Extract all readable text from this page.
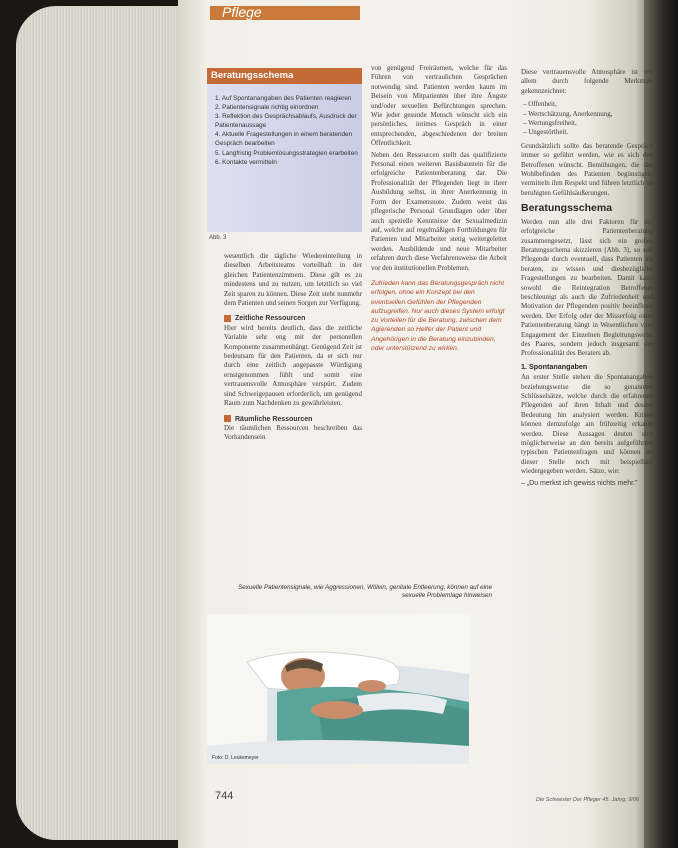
Pflege
Beratungsschema
1. Auf Spontanangaben des Patienten reagieren
2. Patientensignale richtig einordnen
3. Reflektion des Gesprächsablaufs, Ausdruck der Patientenaussage
4. Aktuelle Fragestellungen in einem beratenden Gespräch bearbeiten
5. Langfristig Problemlösungsstrategien erarbeiten
6. Kontakte vermitteln
Abb. 3

wesentlich die tägliche Wiedereinteilung in dieselben Arbeitsteams vorteilhaft in der gleichen Patientenzimmern. Diese gilt es zu mindestens und zu nutzen, um letztlich so viel Zeit sparen zu können. Diese Zeit steht nunmehr dem Patienten und seinen Sorgen zur Verfügung.

Zeitliche Ressourcen

Hier wird bereits deutlich, dass die zeitliche Variable sehr eng mit der personellen Komponente zusammenhängt. Genügend Zeit ist bedeutsam für den Patienten, da er sich nur durch eine zeitlich angepasste Würdigung ernstgenommen fühlt und somit eine vertrauensvolle Atmosphäre verspürt. Zudem sind Schweigepausen erforderlich, um genügend Raum zum Nachdenken zu gewährleisten.

Räumliche Ressourcen

Die räumlichen Ressourcen beschreiben das Vorhandensein

von genügend Freiräumen, welche für das Führen von vertraulichen Gesprächen notwendig sind. Patienten werden kaum im Beisein von Mitpatienten über ihre Ängste und/oder sexuellen Befürchtungen sprechen. Wie jeder gesunde Mensch wünscht sich ein persönliches, intimes Gespräch in einer entsprechenden, abgeschiedenen der breiten Öffentlichkeit.

Neben den Ressourcen stellt das qualifizierte Personal einen weiteren Basisbaustein für die erfolgreiche Patientenberatung dar. Die Professionalität der Pflegenden liegt in ihrer Ausbildung selbst, in ihrer Anerkennung in Form der Examensnote. Zudem weist das pflegerische Personal Grundlagen oder über auch spezielle Kenntnisse der Sexualmedizin auf, welche auf regelmäßigen Fortbildungen für Patienten und Mitarbeiter stetig weitergeleitet werden. Ausbildende und neue Mitarbeiter erfahren durch diese Verfahrensweise die Arbeit vor den institutionellen Problemen.

Zufrieden kann das Beratungsgespräch nicht erfolgen, ohne ein Konzept bei den eventuellen Gefühlen der Pflegenden aufzugreifen. Nur auch dieses System erfolgt zu Vorteilen für die Beratung, zwischen dem Agierenden so Helfer der Patient und Angehörigen in die Beratung einzubinden, oder unterstützend zu wirken.

Diese vertrauensvolle Atmosphäre ist vor allem durch folgende Merkmale gekennzeichnet:

– Offenheit,
– Wertschätzung, Anerkennung,
– Wertungsfreiheit,
– Ungestörtheit.

Grundsätzlich sollte das beratende Gespräch immer so geführt werden, wie es sich den Betroffenen wünscht. Bemühungen, die das Wohlbefinden des Patienten begünstigen, vermitteln ihm Respekt und führen letztlich zu beruhigten Gefühlsäußerungen.

Beratungsschema

Werden nun alle drei Faktoren für die erfolgreiche Patientenberatung zusammengesetzt, lässt sich ein grobes Beratungsschema skizzieren (Abb. 3), so soll Pflegende durch eventuell, dass Patienten als beraten, zu wissen und diesbezügliche Fragestellungen zu bearbeiten. Damit kann sowohl die Reintegration Betroffener beschleunigt als auch die Zufriedenheit und Motivation der Pflegenden positiv beeinflusst werden. Der Erfolg oder der Misserfolg einer Patientenberatung hängt in Wesentlichen vom Engagement der Einzelnen Begleitungsweise des Paares, sondern jedoch insgesamt der Professionalität des Beraters ab.

1. Spontanangaben

An erster Stelle stehen die Spontanangaben beziehungsweise die so genannten Schlüsselsätze, welche durch die erfahrenen Pflegenden auf ihren Inhalt und dessen Bedeutung hin analysiert werden. Krisen können demzufolge am frühzeitig erkannt werden. Diese Aussagen deuten sich möglicherweise an den bereits aufgeführten typischen Patientenfragen und können an dieser Stelle noch mit beispielhaft wiedergegeben werden. Sätze, wie:

– „Du merkst ich gewiss nichts mehr."

Sexuelle Patientensignale, wie Aggressionen, Wtilein, genitale Entleerung, können auf eine sexuelle Problemlage hinweisen
Foto: D. Leukemeyer
744	Die Schwester Der Pfleger 45. Jahrg. 9/06
